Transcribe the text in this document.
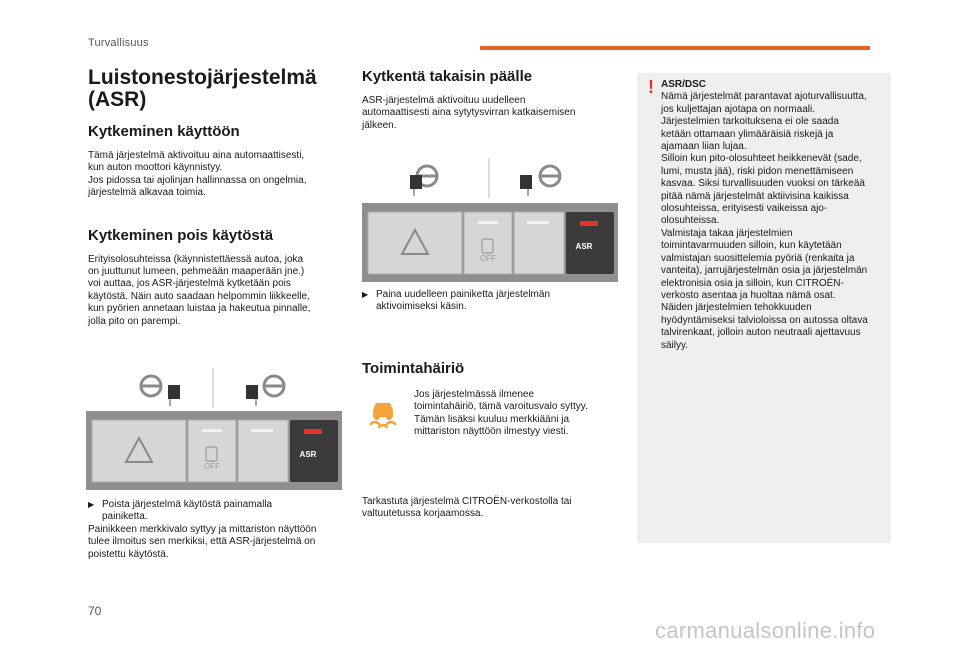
Turvallisuus
Luistonestojärjestelmä
(ASR)
Kytkeminen käyttöön
Tämä järjestelmä aktivoituu aina automaattisesti,
kun auton moottori käynnistyy.
Jos pidossa tai ajolinjan hallinnassa on ongelmia,
järjestelmä alkavaa toimia.
Kytkeminen pois käytöstä
Erityisolosuhteissa (käynnistettäessä autoa, joka
on juuttunut lumeen, pehmeään maaperään jne.)
voi auttaa, jos ASR-järjestelmä kytketään pois
käytöstä. Näin auto saadaan helpommin liikkeelle,
kun pyörien annetaan luistaa ja hakeutua pinnalle,
jolla pito on parempi.
OFF
ASR
▶ Poista järjestelmä käytöstä painamalla
painiketta.
Painikkeen merkkivalo syttyy ja mittariston näyttöön
tulee ilmoitus sen merkiksi, että ASR-järjestelmä on
poistettu käytöstä.
Kytkentä takaisin päälle
ASR-järjestelmä aktivoituu uudelleen
automaattisesti aina sytytysvirran katkaisemisen
jälkeen.
OFF
ASR
▶ Paina uudelleen painiketta järjestelmän
aktivoimiseksi käsin.
Toimintahäiriö
Jos järjestelmässä ilmenee
toimintahäiriö, tämä varoitusvalo syttyy.
Tämän lisäksi kuuluu merkkiääni ja
mittariston näyttöön ilmestyy viesti.
Tarkastuta järjestelmä CITROËN-verkostolla tai
valtuutetussa korjaamossa.
! ASR/DSC
Nämä järjestelmät parantavat ajoturvallisuutta,
jos kuljettajan ajotapa on normaali.
Järjestelmien tarkoituksena ei ole saada
ketään ottamaan ylimääräisiä riskejä ja
ajamaan liian lujaa.
Silloin kun pito-olosuhteet heikkenevät (sade,
lumi, musta jää), riski pidon menettämiseen
kasvaa. Siksi turvallisuuden vuoksi on tärkeää
pitää nämä järjestelmät aktiivisina kaikissa
olosuhteissa, erityisesti vaikeissa ajo-
olosuhteissa.
Valmistaja takaa järjestelmien
toimintavarmuuden silloin, kun käytetään
valmistajan suosittelemia pyöriä (renkaita ja
vanteita), jarrujärjestelmän osia ja järjestelmän
elektronisia osia ja silloin, kun CITROËN-
verkosto asentaa ja huoltaa nämä osat.
Näiden järjestelmien tehokkuuden
hyödyntämiseksi talvioloissa on autossa oltava
talvirenkaat, jolloin auton neutraali ajettavuus
säilyy.
70
carmanualsonline.info
